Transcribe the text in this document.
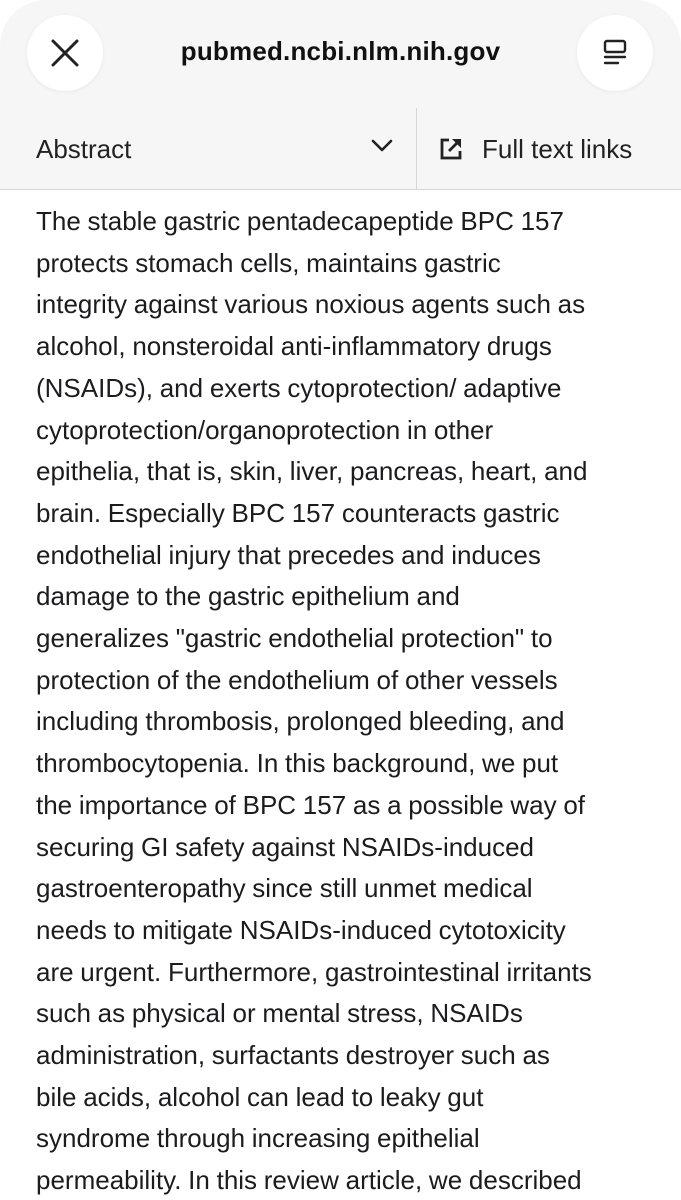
pubmed.ncbi.nlm.nih.gov
Abstract	Full text links

The stable gastric pentadecapeptide BPC 157
protects stomach cells, maintains gastric
integrity against various noxious agents such as
alcohol, nonsteroidal anti-inflammatory drugs
(NSAIDs), and exerts cytoprotection/ adaptive
cytoprotection/organoprotection in other
epithelia, that is, skin, liver, pancreas, heart, and
brain. Especially BPC 157 counteracts gastric
endothelial injury that precedes and induces
damage to the gastric epithelium and
generalizes "gastric endothelial protection" to
protection of the endothelium of other vessels
including thrombosis, prolonged bleeding, and
thrombocytopenia. In this background, we put
the importance of BPC 157 as a possible way of
securing GI safety against NSAIDs-induced
gastroenteropathy since still unmet medical
needs to mitigate NSAIDs-induced cytotoxicity
are urgent. Furthermore, gastrointestinal irritants
such as physical or mental stress, NSAIDs
administration, surfactants destroyer such as
bile acids, alcohol can lead to leaky gut
syndrome through increasing epithelial
permeability. In this review article, we described
